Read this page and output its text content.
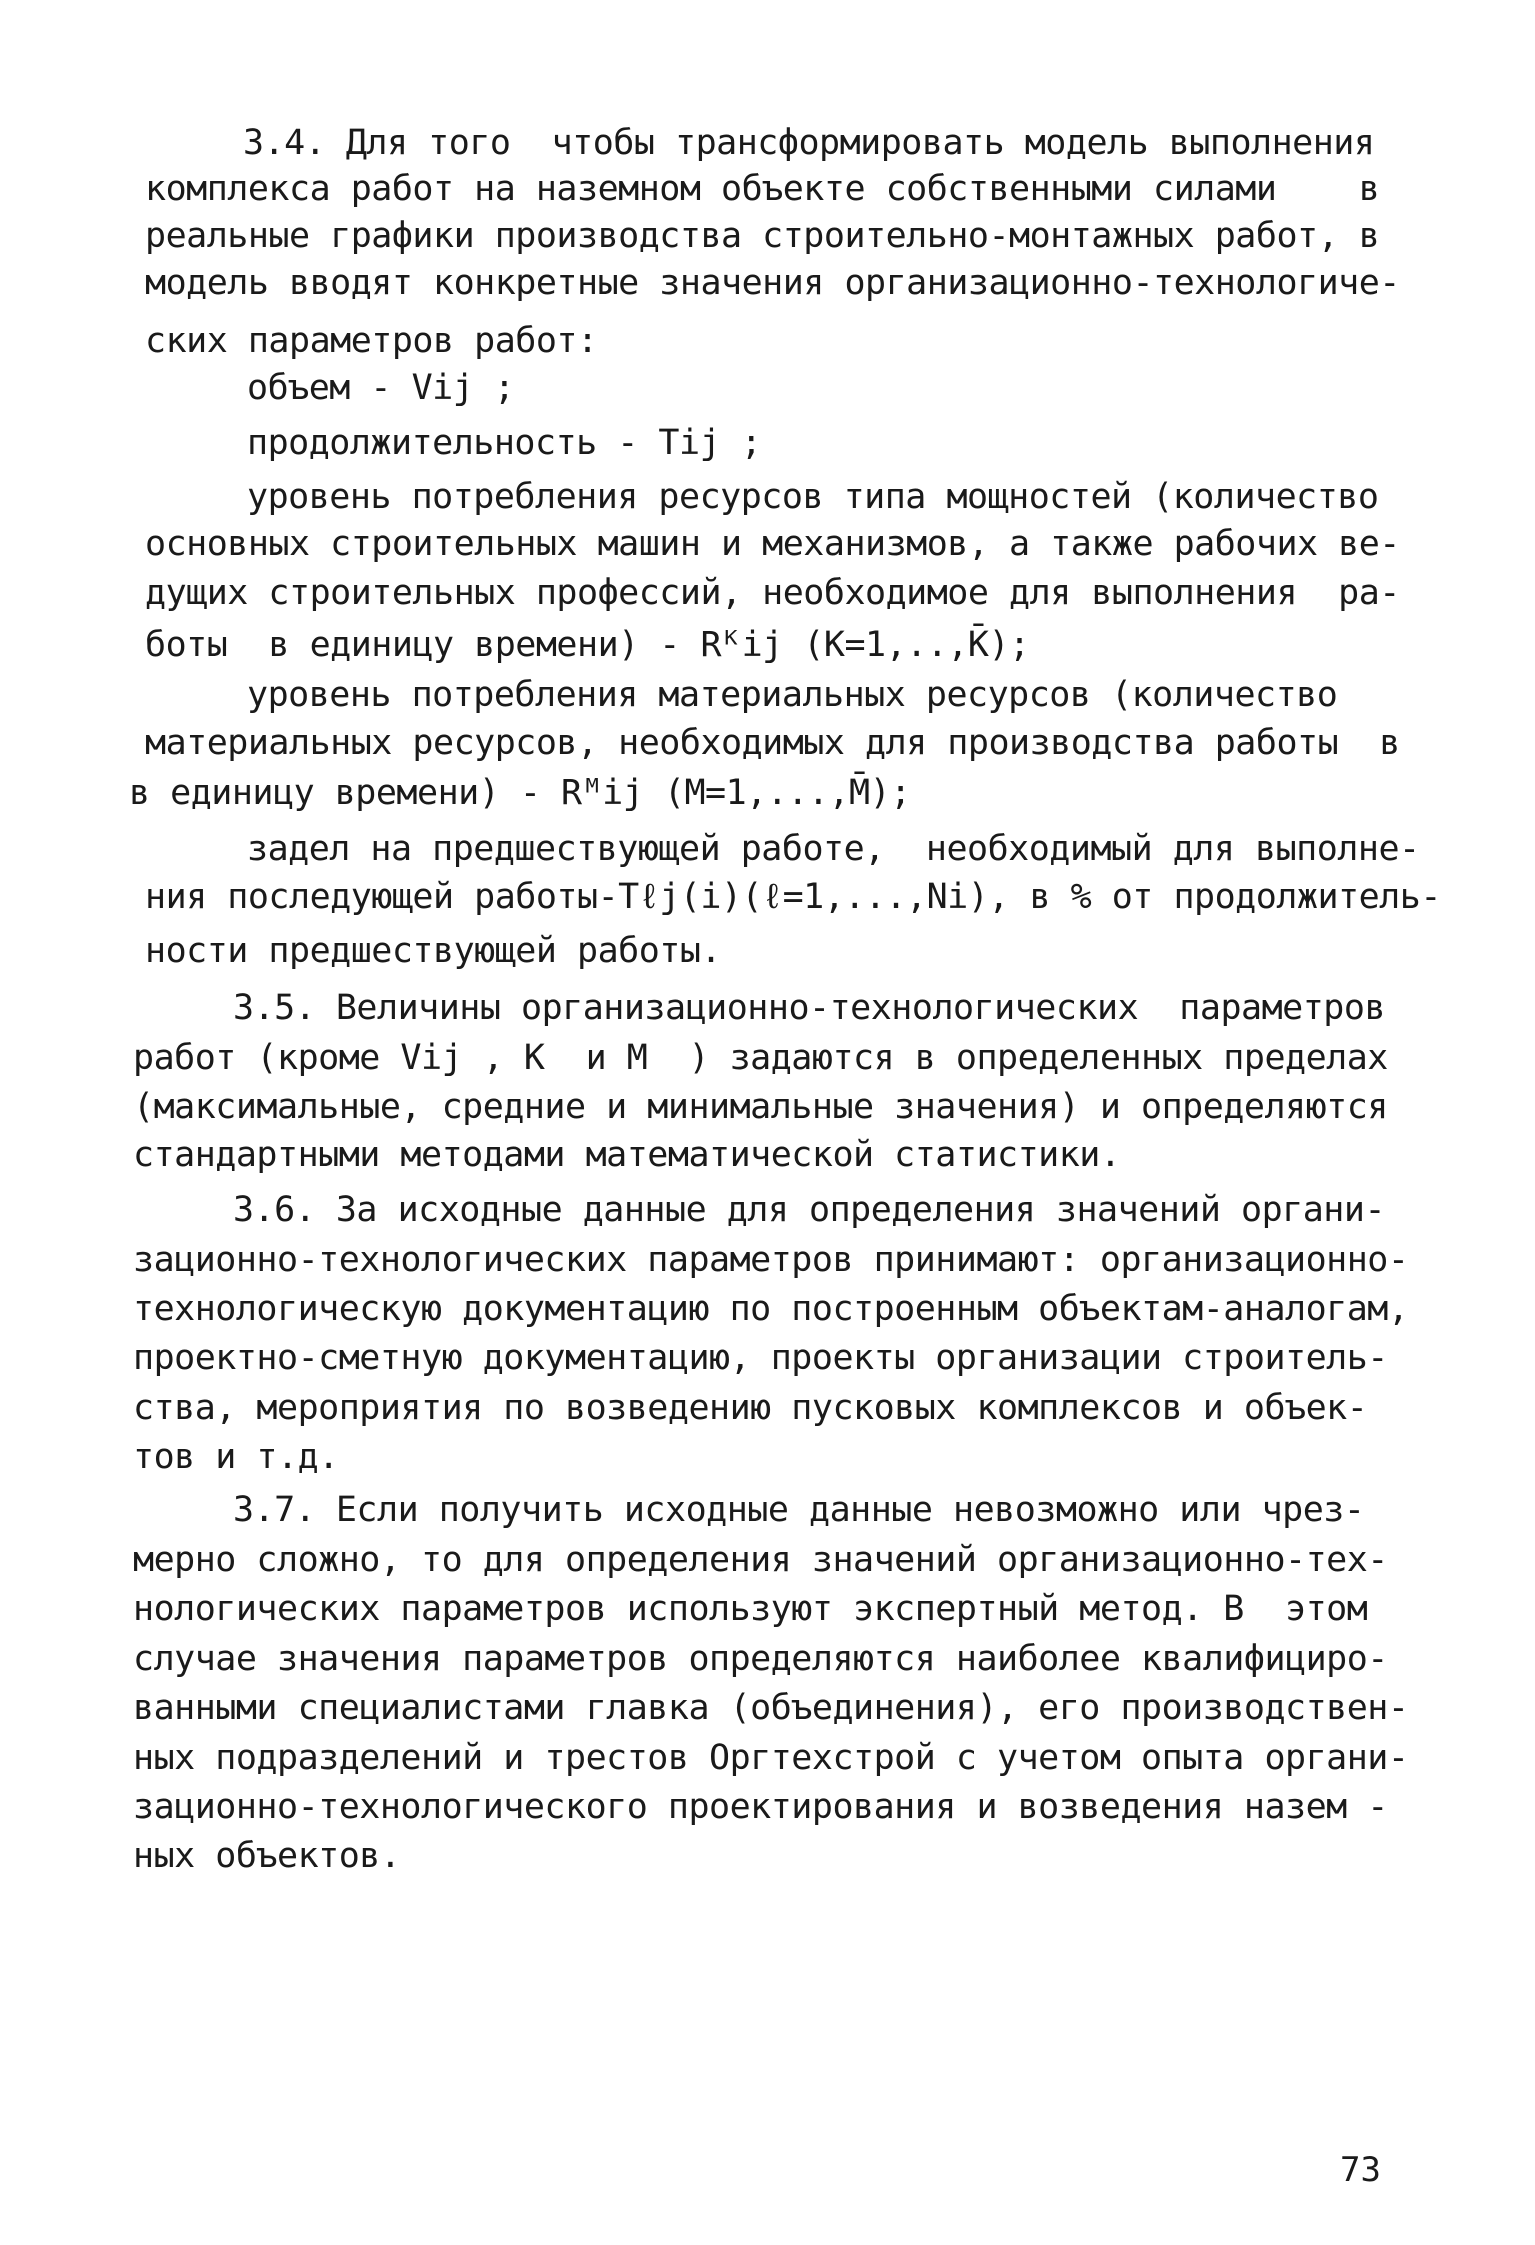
3.4. Для того  чтобы трансформировать модель выполнения
комплекса работ на наземном объекте собственными силами    в
реальные графики производства строительно-монтажных работ, в
модель вводят конкретные значения организационно-технологиче-
ских параметров работ:
объем - Vij ;
продолжительность - Tij ;
уровень потребления ресурсов типа мощностей (количество
основных строительных машин и механизмов, а также рабочих ве-
дущих строительных профессий, необходимое для выполнения  ра-
боты  в единицу времени) - Rᴷij (K=1,..,K̄);
уровень потребления материальных ресурсов (количество
материальных ресурсов, необходимых для производства работы  в
в единицу времени) - Rᴹij (M=1,...,M̄);
задел на предшествующей работе,  необходимый для выполне-
ния последующей работы-Tℓj(i)(ℓ=1,...,Ni), в % от продолжитель-
ности предшествующей работы.
3.5. Величины организационно-технологических  параметров
работ (кроме Vij , K  и M  ) задаются в определенных пределах
(максимальные, средние и минимальные значения) и определяются
стандартными методами математической статистики.
3.6. За исходные данные для определения значений органи-
зационно-технологических параметров принимают: организационно-
технологическую документацию по построенным объектам-аналогам,
проектно-сметную документацию, проекты организации строитель-
ства, мероприятия по возведению пусковых комплексов и объек-
тов и т.д.
3.7. Если получить исходные данные невозможно или чрез-
мерно сложно, то для определения значений организационно-тех-
нологических параметров используют экспертный метод. В  этом
случае значения параметров определяются наиболее квалифициро-
ванными специалистами главка (объединения), его производствен-
ных подразделений и трестов Оргтехстрой с учетом опыта органи-
зационно-технологического проектирования и возведения назем -
ных объектов.
73
